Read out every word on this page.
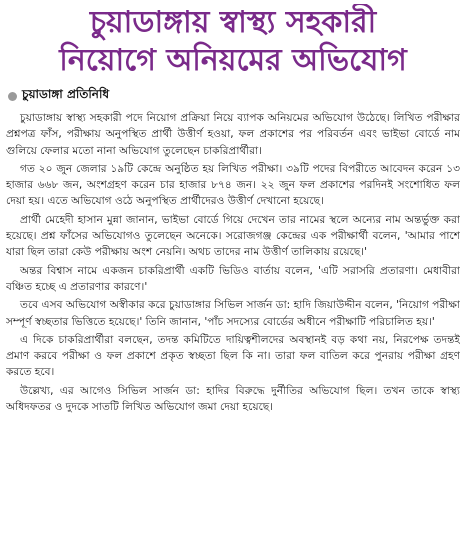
চুয়াডাঙ্গায় স্বাস্থ্য সহকারী
নিয়োগে অনিয়মের অভিযোগ
চুয়াডাঙ্গা প্রতিনিধি

চুয়াডাঙ্গায় স্বাস্থ্য সহকারী পদে নিয়োগ প্রক্রিয়া নিয়ে ব্যাপক অনিয়মের অভিযোগ উঠেছে। লিখিত পরীক্ষার প্রশ্নপত্র ফাঁস, পরীক্ষায় অনুপস্থিত প্রার্থী উত্তীর্ণ হওয়া, ফল প্রকাশের পর পরিবর্তন এবং ভাইভা বোর্ডে নাম গুলিয়ে ফেলার মতো নানা অভিযোগ তুলেছেন চাকরিপ্রার্থীরা।

গত ২০ জুন জেলার ১৯টি কেন্দ্রে অনুষ্ঠিত হয় লিখিত পরীক্ষা। ৩৯টি পদের বিপরীতে আবেদন করেন ১৩ হাজার ৬৬৮ জন, অংশগ্রহণ করেন চার হাজার ৮৭৪ জন। ২২ জুন ফল প্রকাশের পরদিনই সংশোধিত ফল দেয়া হয়। এতে অভিযোগ ওঠে অনুপস্থিত প্রার্থীদেরও উত্তীর্ণ দেখানো হয়েছে।

প্রার্থী মেহেদী হাসান মুন্না জানান, ভাইভা বোর্ডে গিয়ে দেখেন তার নামের স্থলে অন্যের নাম অন্তর্ভুক্ত করা হয়েছে। প্রশ্ন ফাঁসের অভিযোগও তুলেছেন অনেকে। সরোজগঞ্জ কেন্দ্রের এক পরীক্ষার্থী বলেন, 'আমার পাশে যারা ছিল তারা কেউ পরীক্ষায় অংশ নেয়নি। অথচ তাদের নাম উত্তীর্ণ তালিকায় রয়েছে।'

অন্তর বিশ্বাস নামে একজন চাকরিপ্রার্থী একটি ভিডিও বার্তায় বলেন, 'এটি সরাসরি প্রতারণা। মেধাবীরা বঞ্চিত হচ্ছে এ প্রতারণার কারণে।'

তবে এসব অভিযোগ অস্বীকার করে চুয়াডাঙ্গার সিভিল সার্জন ডা: হাদি জিয়াউদ্দীন বলেন, 'নিয়োগ পরীক্ষা সম্পূর্ণ স্বচ্ছতার ভিত্তিতে হয়েছে।' তিনি জানান, 'পাঁচ সদস্যের বোর্ডের অধীনে পরীক্ষাটি পরিচালিত হয়।'

এ দিকে চাকরিপ্রার্থীরা বলছেন, তদন্ত কমিটিতে দায়িত্বশীলদের অবস্থানই বড় কথা নয়, নিরপেক্ষ তদন্তই প্রমাণ করবে পরীক্ষা ও ফল প্রকাশে প্রকৃত স্বচ্ছতা ছিল কি না। তারা ফল বাতিল করে পুনরায় পরীক্ষা গ্রহণ করতে হবে।

উল্লেখ্য, এর আগেও সিভিল সার্জন ডা: হাদির বিরুদ্ধে দুর্নীতির অভিযোগ ছিল। তখন তাকে স্বাস্থ্য অধিদফতর ও দুদকে সাতটি লিখিত অভিযোগ জমা দেয়া হয়েছে।
